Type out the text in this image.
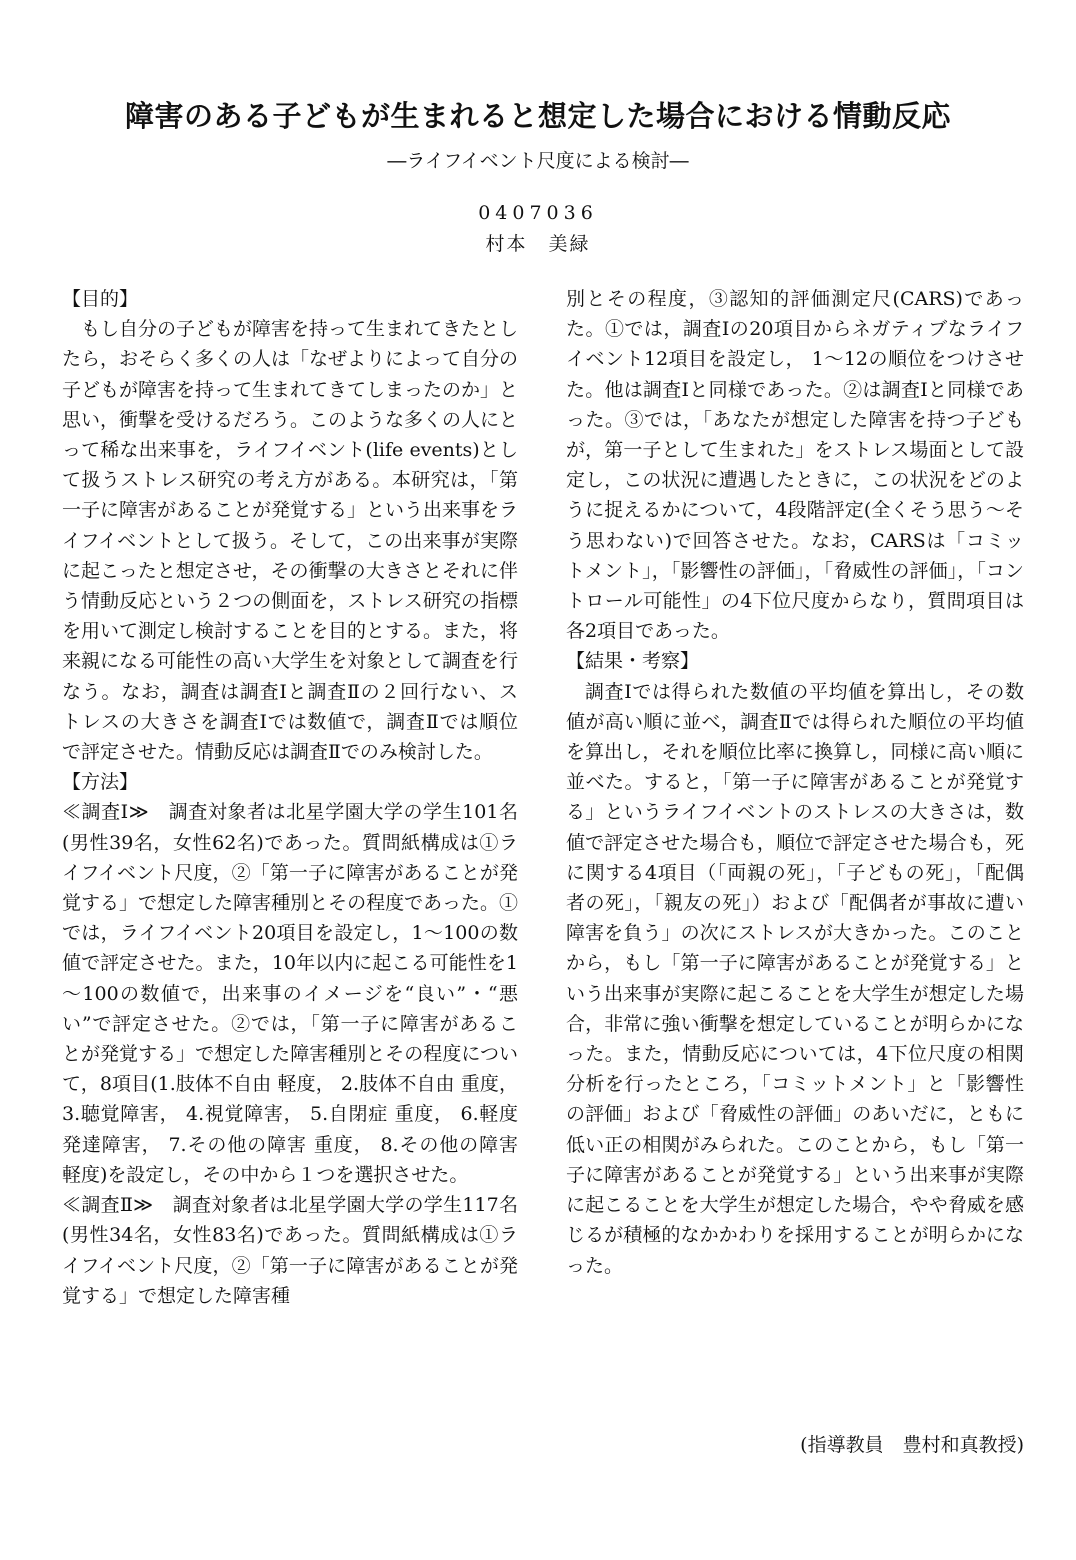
障害のある子どもが生まれると想定した場合における情動反応
―ライフイベント尺度による検討―
0407036
村本　美緑
【目的】
もし自分の子どもが障害を持って生まれてきたとしたら，おそらく多くの人は「なぜよりによって自分の子どもが障害を持って生まれてきてしまったのか」と思い，衝撃を受けるだろう。このような多くの人にとって稀な出来事を，ライフイベント(life events)として扱うストレス研究の考え方がある。本研究は，「第一子に障害があることが発覚する」という出来事をライフイベントとして扱う。そして，この出来事が実際に起こったと想定させ，その衝撃の大きさとそれに伴う情動反応という２つの側面を，ストレス研究の指標を用いて測定し検討することを目的とする。また，将来親になる可能性の高い大学生を対象として調査を行なう。なお，調査は調査Ⅰと調査Ⅱの２回行ない、ストレスの大きさを調査Ⅰでは数値で，調査Ⅱでは順位で評定させた。情動反応は調査Ⅱでのみ検討した。
【方法】
≪調査Ⅰ≫　調査対象者は北星学園大学の学生101名(男性39名，女性62名)であった。質問紙構成は①ライフイベント尺度，②「第一子に障害があることが発覚する」で想定した障害種別とその程度であった。①では，ライフイベント20項目を設定し，1～100の数値で評定させた。また，10年以内に起こる可能性を1～100の数値で，出来事のイメージを“良い”・“悪い”で評定させた。②では，「第一子に障害があることが発覚する」で想定した障害種別とその程度について，8項目(1.肢体不自由 軽度， 2.肢体不自由 重度， 3.聴覚障害， 4.視覚障害， 5.自閉症 重度， 6.軽度発達障害， 7.その他の障害 重度， 8.その他の障害 軽度)を設定し，その中から１つを選択させた。
≪調査Ⅱ≫　調査対象者は北星学園大学の学生117名(男性34名，女性83名)であった。質問紙構成は①ライフイベント尺度，②「第一子に障害があることが発覚する」で想定した障害種
別とその程度，③認知的評価測定尺(CARS)であった。①では，調査Ⅰの20項目からネガティブなライフイベント12項目を設定し， 1～12の順位をつけさせた。他は調査Ⅰと同様であった。②は調査Ⅰと同様であった。③では，「あなたが想定した障害を持つ子どもが，第一子として生まれた」をストレス場面として設定し，この状況に遭遇したときに，この状況をどのように捉えるかについて，4段階評定(全くそう思う～そう思わない)で回答させた。なお，CARSは「コミットメント」，「影響性の評価」，「脅威性の評価」，「コントロール可能性」の4下位尺度からなり，質問項目は各2項目であった。
【結果・考察】
調査Ⅰでは得られた数値の平均値を算出し，その数値が高い順に並べ，調査Ⅱでは得られた順位の平均値を算出し，それを順位比率に換算し，同様に高い順に並べた。すると，「第一子に障害があることが発覚する」というライフイベントのストレスの大きさは，数値で評定させた場合も，順位で評定させた場合も，死に関する4項目（「両親の死」，「子どもの死」，「配偶者の死」，「親友の死」）および「配偶者が事故に遭い障害を負う」の次にストレスが大きかった。このことから，もし「第一子に障害があることが発覚する」という出来事が実際に起こることを大学生が想定した場合，非常に強い衝撃を想定していることが明らかになった。また，情動反応については，4下位尺度の相関分析を行ったところ，「コミットメント」と「影響性の評価」および「脅威性の評価」のあいだに，ともに低い正の相関がみられた。このことから，もし「第一子に障害があることが発覚する」という出来事が実際に起こることを大学生が想定した場合，やや脅威を感じるが積極的なかかわりを採用することが明らかになった。
(指導教員　豊村和真教授)
